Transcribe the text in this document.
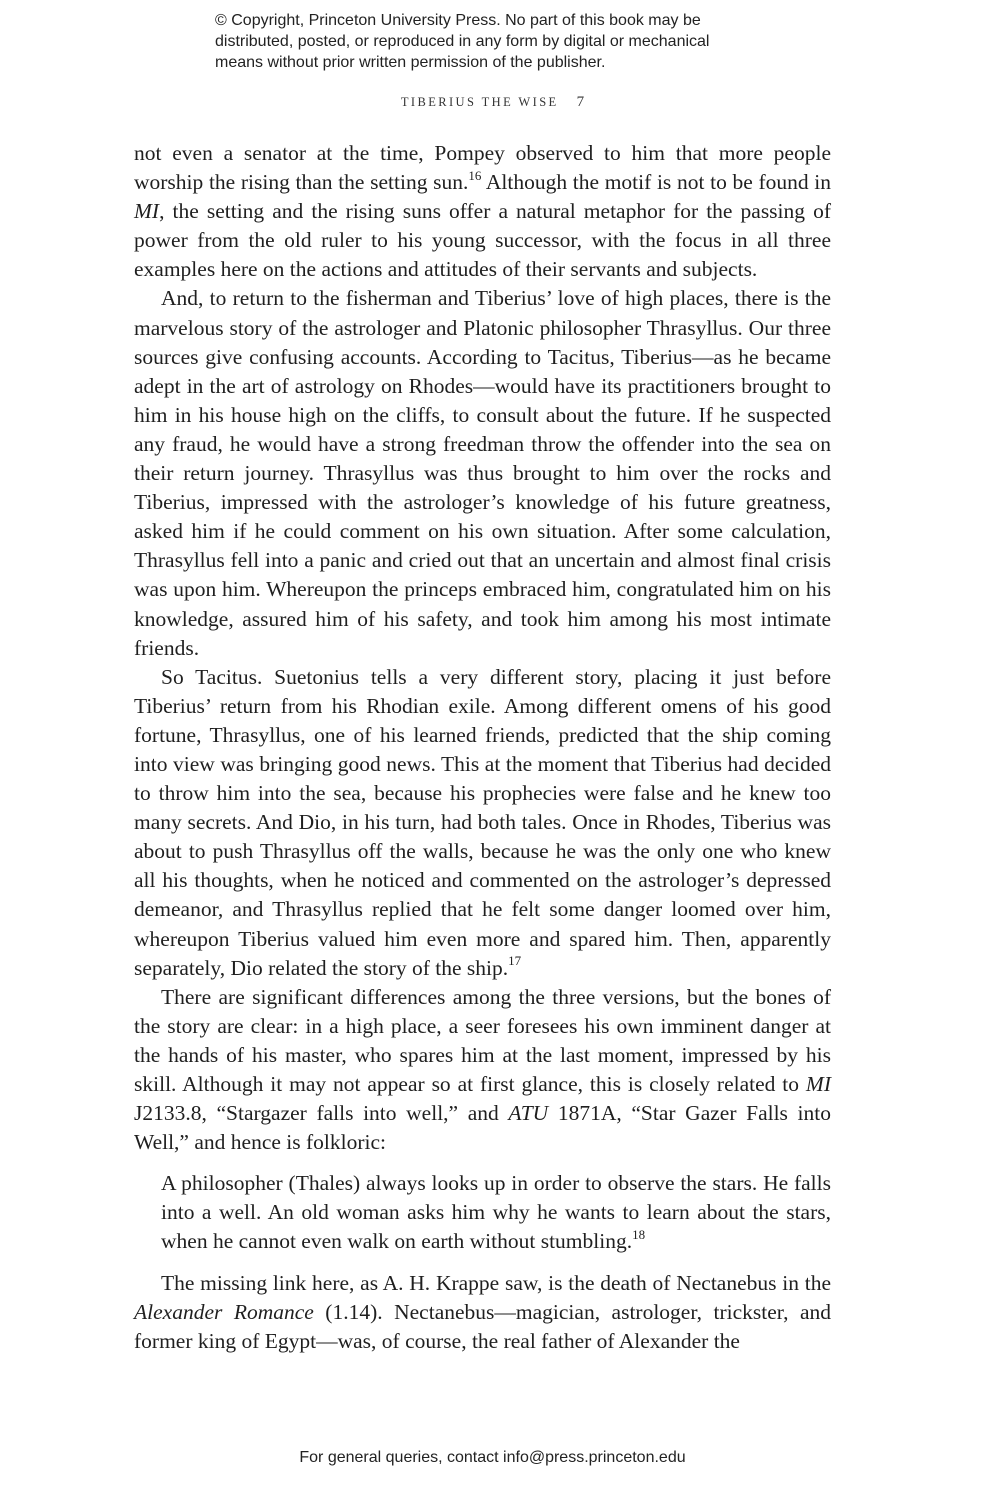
© Copyright, Princeton University Press. No part of this book may be
distributed, posted, or reproduced in any form by digital or mechanical
means without prior written permission of the publisher.
TIBERIUS THE WISE 7

not even a senator at the time, Pompey observed to him that more people worship the rising than the setting sun.$^{16}$ Although the motif is not to be found in MI, the setting and the rising suns offer a natural metaphor for the passing of power from the old ruler to his young successor, with the focus in all three examples here on the actions and attitudes of their servants and subjects.

And, to return to the fisherman and Tiberius’ love of high places, there is the marvelous story of the astrologer and Platonic philosopher Thrasyllus. Our three sources give confusing accounts. According to Tacitus, Tiberius—as he became adept in the art of astrology on Rhodes—would have its practitioners brought to him in his house high on the cliffs, to consult about the future. If he suspected any fraud, he would have a strong freedman throw the offender into the sea on their return journey. Thrasyllus was thus brought to him over the rocks and Tiberius, impressed with the astrologer’s knowledge of his future greatness, asked him if he could comment on his own situation. After some calculation, Thrasyllus fell into a panic and cried out that an uncertain and almost final crisis was upon him. Whereupon the princeps embraced him, congratulated him on his knowledge, assured him of his safety, and took him among his most intimate friends.

So Tacitus. Suetonius tells a very different story, placing it just before Tiberius’ return from his Rhodian exile. Among different omens of his good fortune, Thrasyllus, one of his learned friends, predicted that the ship coming into view was bringing good news. This at the moment that Tiberius had decided to throw him into the sea, because his prophecies were false and he knew too many secrets. And Dio, in his turn, had both tales. Once in Rhodes, Tiberius was about to push Thrasyllus off the walls, because he was the only one who knew all his thoughts, when he noticed and commented on the astrologer’s depressed demeanor, and Thrasyllus replied that he felt some danger loomed over him, whereupon Tiberius valued him even more and spared him. Then, apparently separately, Dio related the story of the ship.$^{17}$

There are significant differences among the three versions, but the bones of the story are clear: in a high place, a seer foresees his own imminent danger at the hands of his master, who spares him at the last moment, impressed by his skill. Although it may not appear so at first glance, this is closely related to MI J2133.8, “Stargazer falls into well,” and ATU 1871A, “Star Gazer Falls into Well,” and hence is folkloric:

A philosopher (Thales) always looks up in order to observe the stars. He falls into a well. An old woman asks him why he wants to learn about the stars, when he cannot even walk on earth without stumbling.$^{18}$

The missing link here, as A. H. Krappe saw, is the death of Nectanebus in the Alexander Romance (1.14). Nectanebus—magician, astrologer, trickster, and former king of Egypt—was, of course, the real father of Alexander the

For general queries, contact info@press.princeton.edu
